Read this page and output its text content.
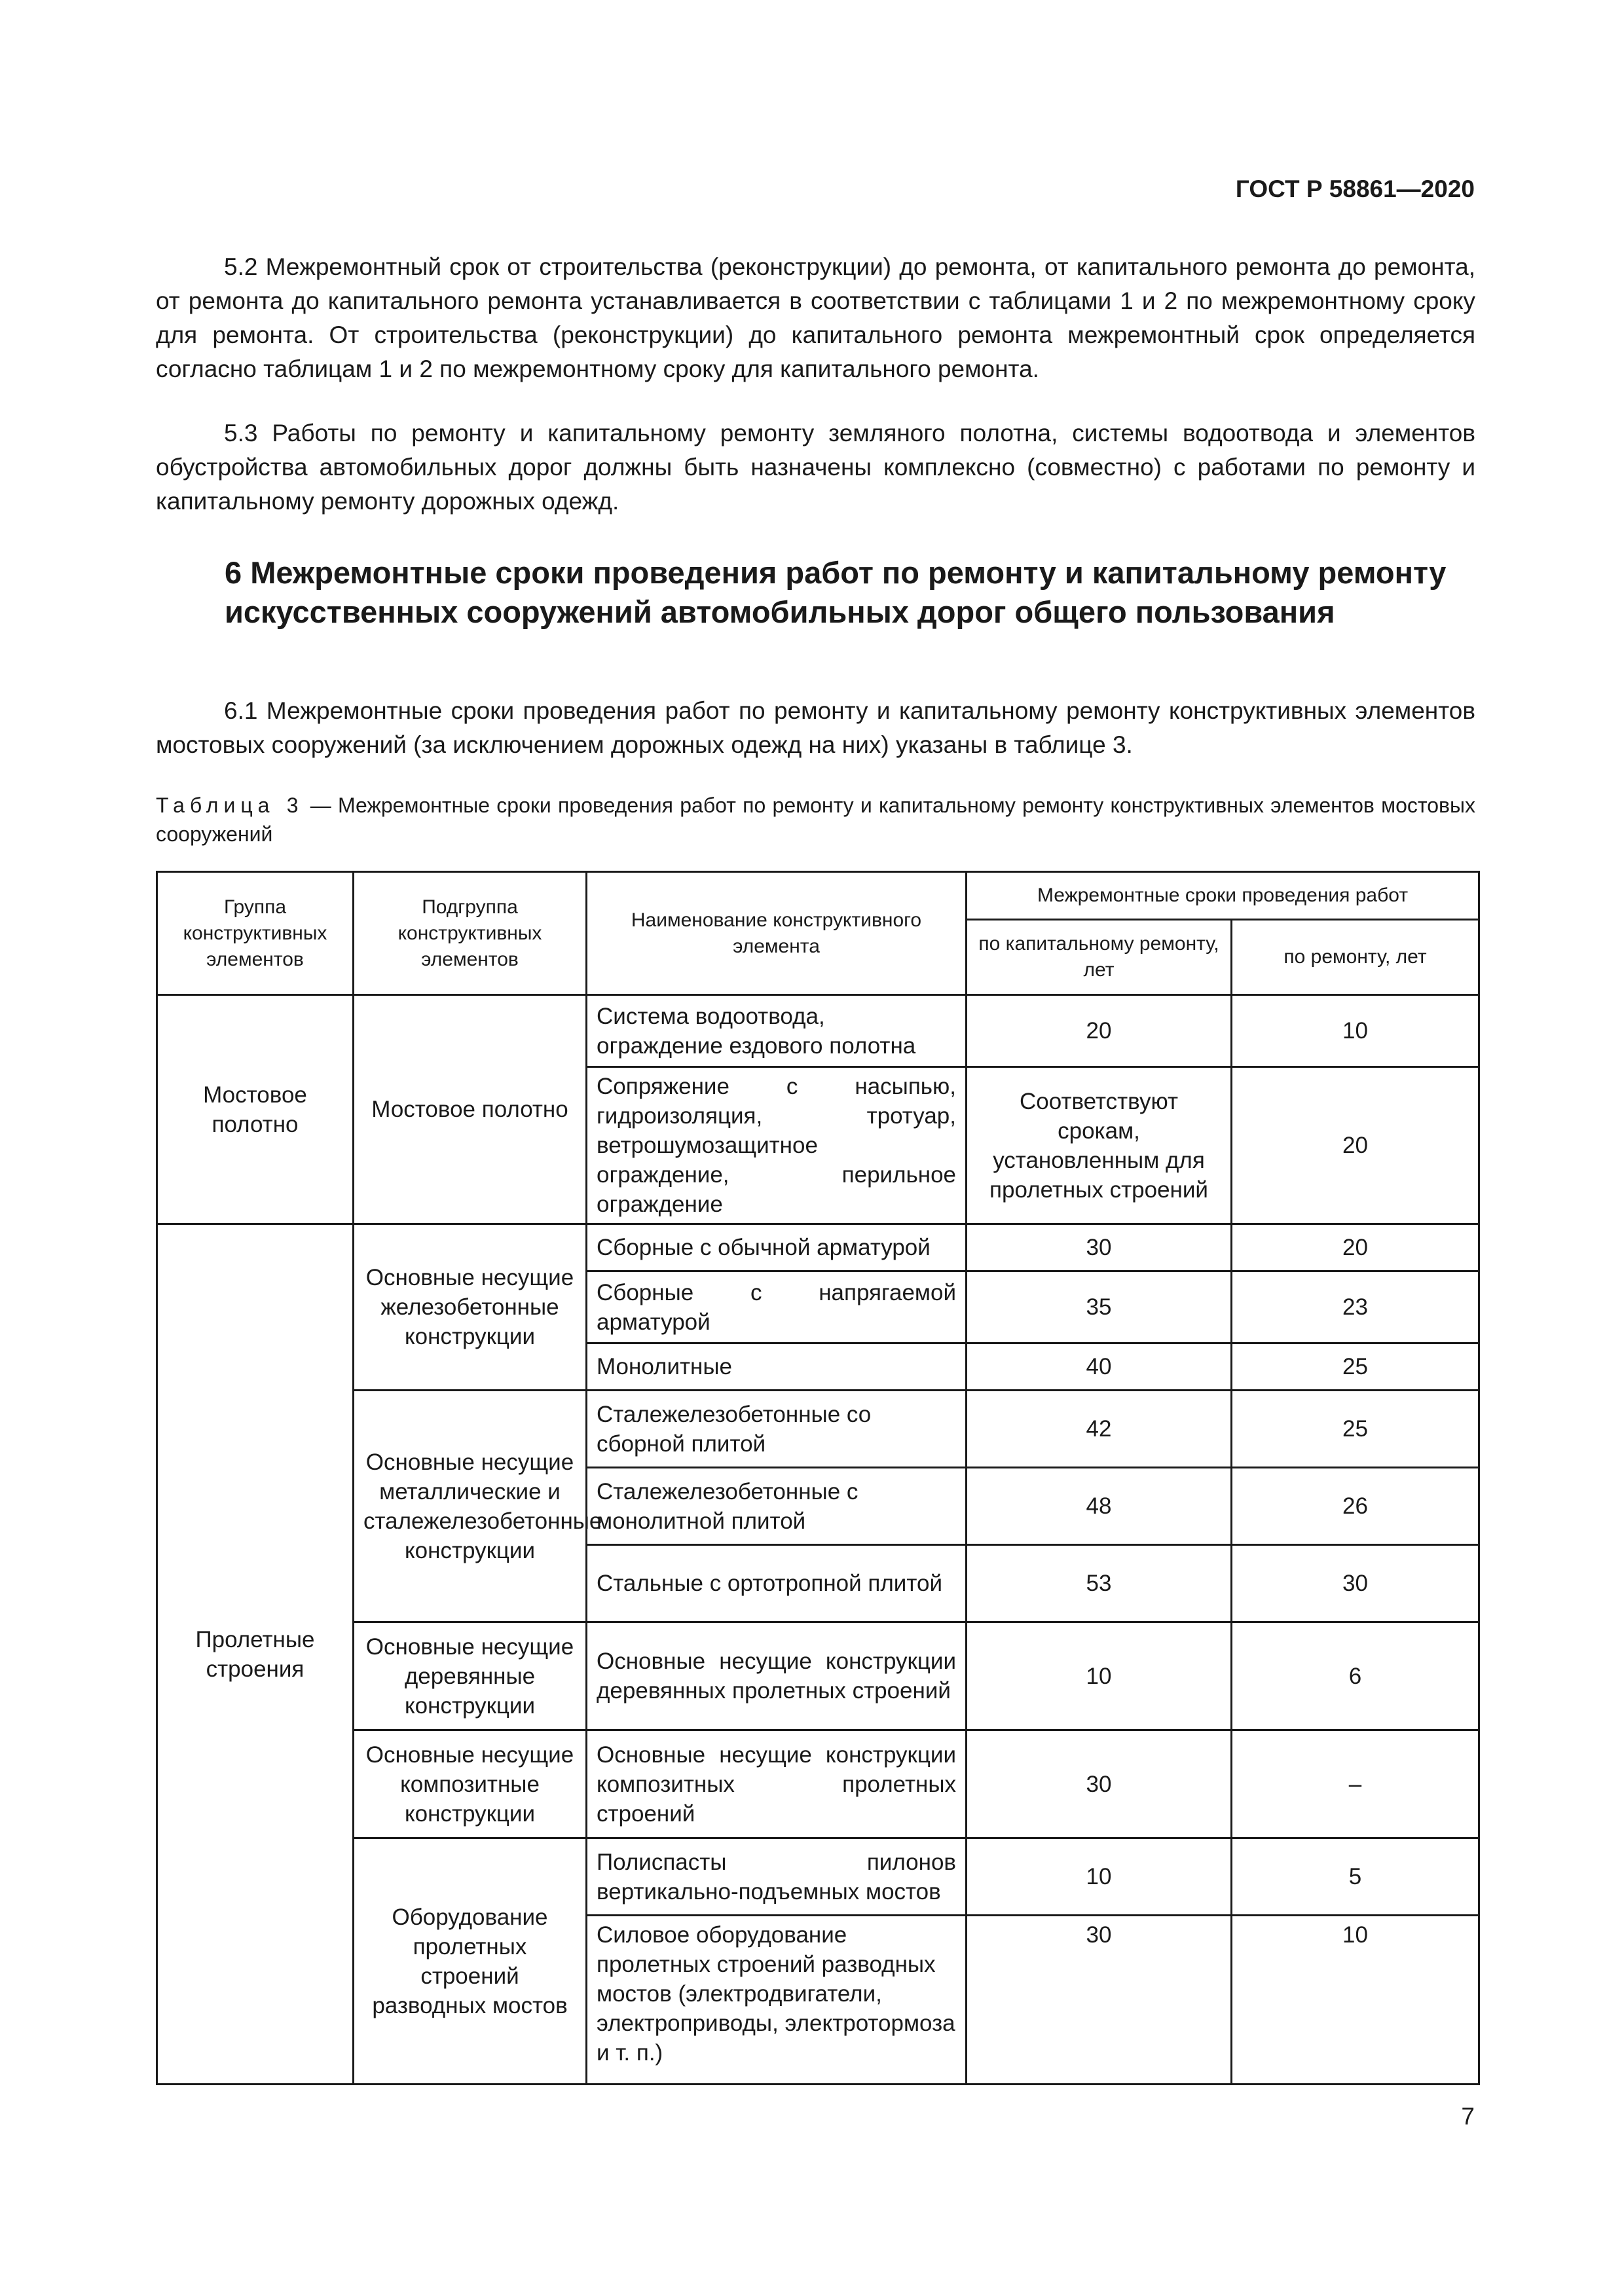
ГОСТ Р 58861—2020

5.2 Межремонтный срок от строительства (реконструкции) до ремонта, от капитального ремонта до ремонта, от ремонта до капитального ремонта устанавливается в соответствии с таблицами 1 и 2 по межремонтному сроку для ремонта. От строительства (реконструкции) до капитального ремонта межремонтный срок определяется согласно таблицам 1 и 2 по межремонтному сроку для капитального ремонта.

5.3 Работы по ремонту и капитальному ремонту земляного полотна, системы водоотвода и элементов обустройства автомобильных дорог должны быть назначены комплексно (совместно) с работами по ремонту и капитальному ремонту дорожных одежд.

6 Межремонтные сроки проведения работ по ремонту и капитальному ремонту искусственных сооружений автомобильных дорог общего пользования

6.1 Межремонтные сроки проведения работ по ремонту и капитальному ремонту конструктивных элементов мостовых сооружений (за исключением дорожных одежд на них) указаны в таблице 3.

Таблица 3 — Межремонтные сроки проведения работ по ремонту и капитальному ремонту конструктивных элементов мостовых сооружений

Группа конструктивных элементов	Подгруппа конструктивных элементов	Наименование конструктивного элемента	Межремонтные сроки проведения работ	
			по капитальному ремонту, лет	по ремонту, лет
Мостовое полотно	Мостовое полотно	Система водоотвода, ограждение ездового полотна	20	10
		Сопряжение с насыпью, гидроизоляция, тротуар, ветрошумозащитное ограждение, перильное ограждение	Соответствуют срокам, установленным для пролетных строений	20
Пролетные строения	Основные несущие железобетонные конструкции	Сборные с обычной арматурой	30	20
		Сборные с напрягаемой арматурой	35	23
		Монолитные	40	25
	Основные несущие металлические и сталежелезобетонные конструкции	Сталежелезобетонные со сборной плитой	42	25
		Сталежелезобетонные с монолитной плитой	48	26
		Стальные с ортотропной плитой	53	30
	Основные несущие деревянные конструкции	Основные несущие конструкции деревянных пролетных строений	10	6
	Основные несущие композитные конструкции	Основные несущие конструкции композитных пролетных строений	30	–
	Оборудование пролетных строений разводных мостов	Полиспасты пилонов вертикально-подъемных мостов	10	5
		Силовое оборудование пролетных строений разводных мостов (электродвигатели, электроприводы, электротормоза и т. п.)	30	10
7
